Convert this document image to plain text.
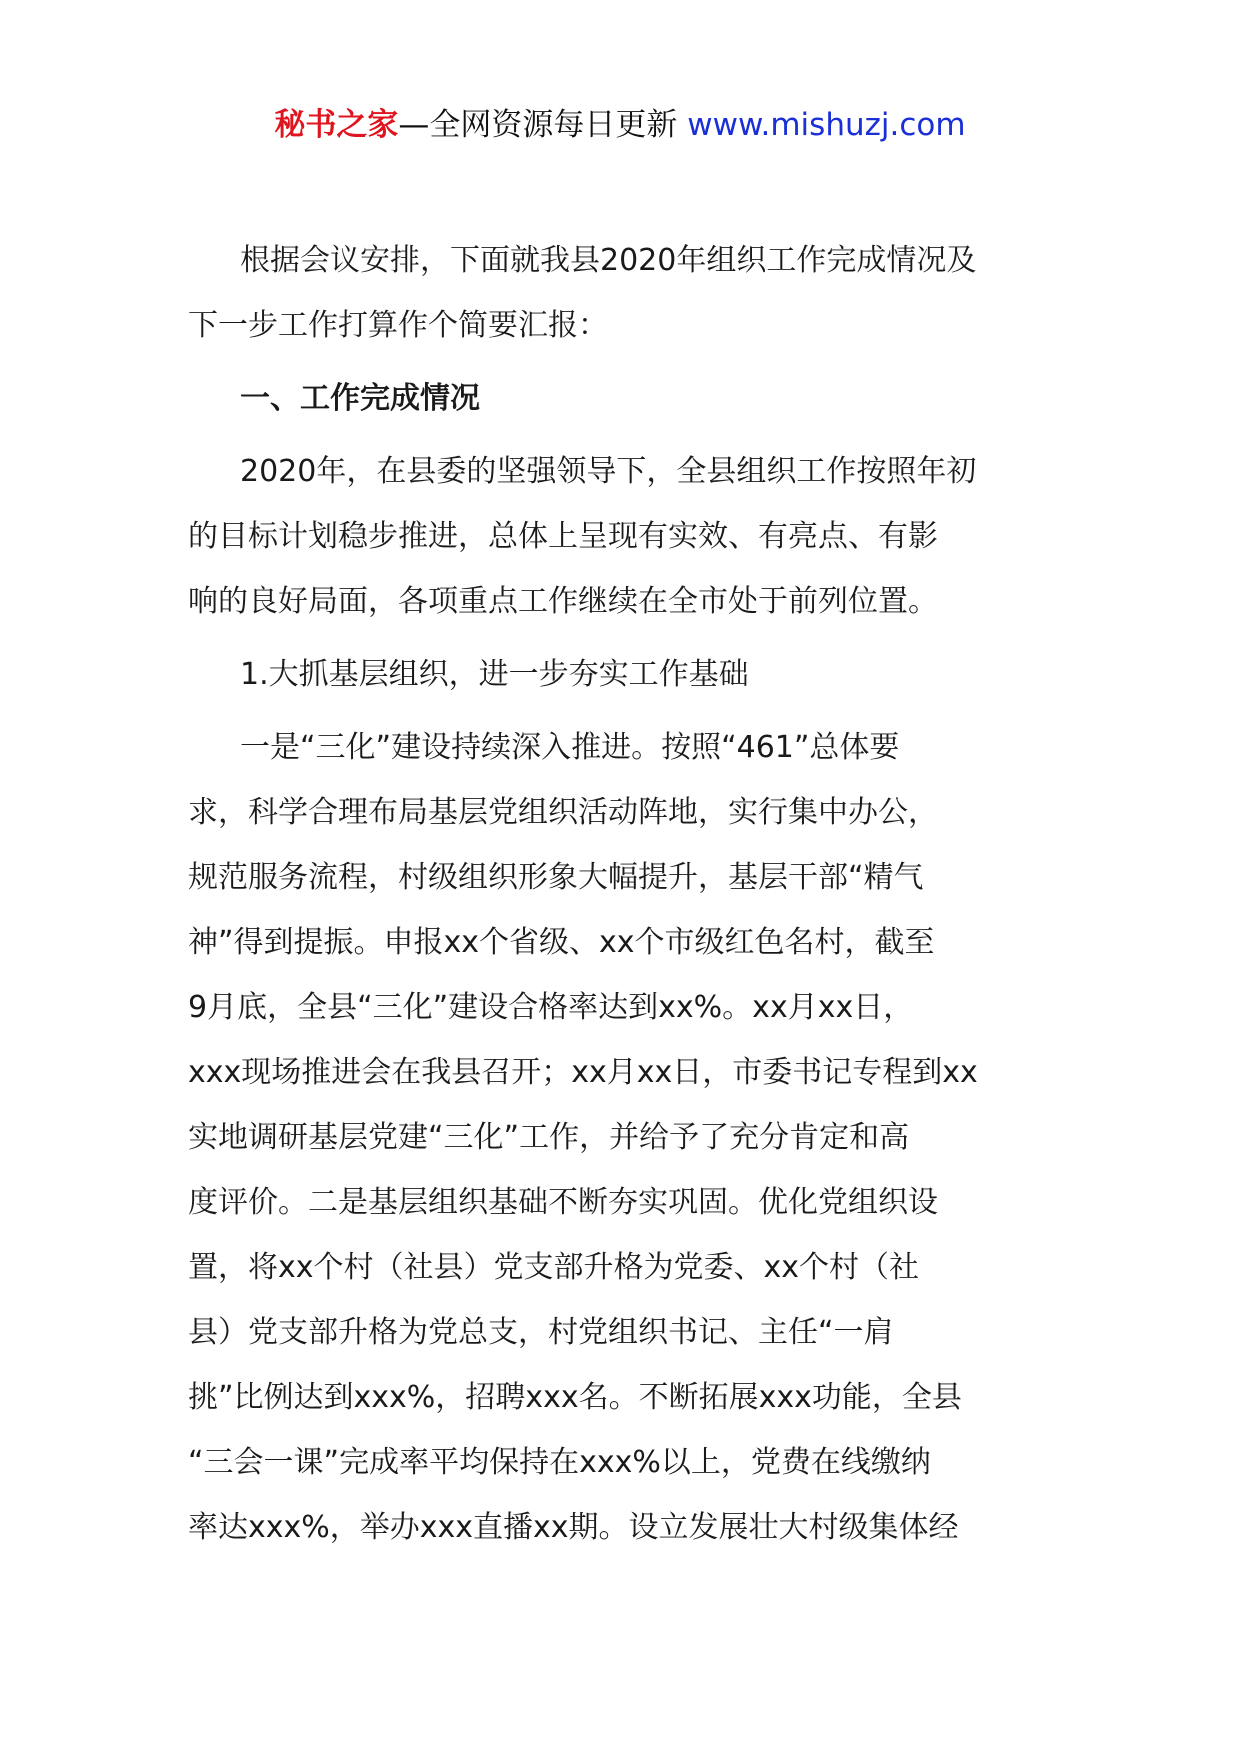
秘书之家—全网资源每日更新 www.mishuzj.com
根据会议安排，下面就我县2020年组织工作完成情况及
下一步工作打算作个简要汇报：
一、工作完成情况
2020年，在县委的坚强领导下，全县组织工作按照年初
的目标计划稳步推进，总体上呈现有实效、有亮点、有影
响的良好局面，各项重点工作继续在全市处于前列位置。
1.大抓基层组织，进一步夯实工作基础
一是“三化”建设持续深入推进。按照“461”总体要
求，科学合理布局基层党组织活动阵地，实行集中办公，
规范服务流程，村级组织形象大幅提升，基层干部“精气
神”得到提振。申报xx个省级、xx个市级红色名村，截至
9月底，全县“三化”建设合格率达到xx%。xx月xx日，
xxx现场推进会在我县召开；xx月xx日，市委书记专程到xx
实地调研基层党建“三化”工作，并给予了充分肯定和高
度评价。二是基层组织基础不断夯实巩固。优化党组织设
置，将xx个村（社县）党支部升格为党委、xx个村（社
县）党支部升格为党总支，村党组织书记、主任“一肩
挑”比例达到xxx%，招聘xxx名。不断拓展xxx功能，全县
“三会一课”完成率平均保持在xxx%以上，党费在线缴纳
率达xxx%，举办xxx直播xx期。设立发展壮大村级集体经
